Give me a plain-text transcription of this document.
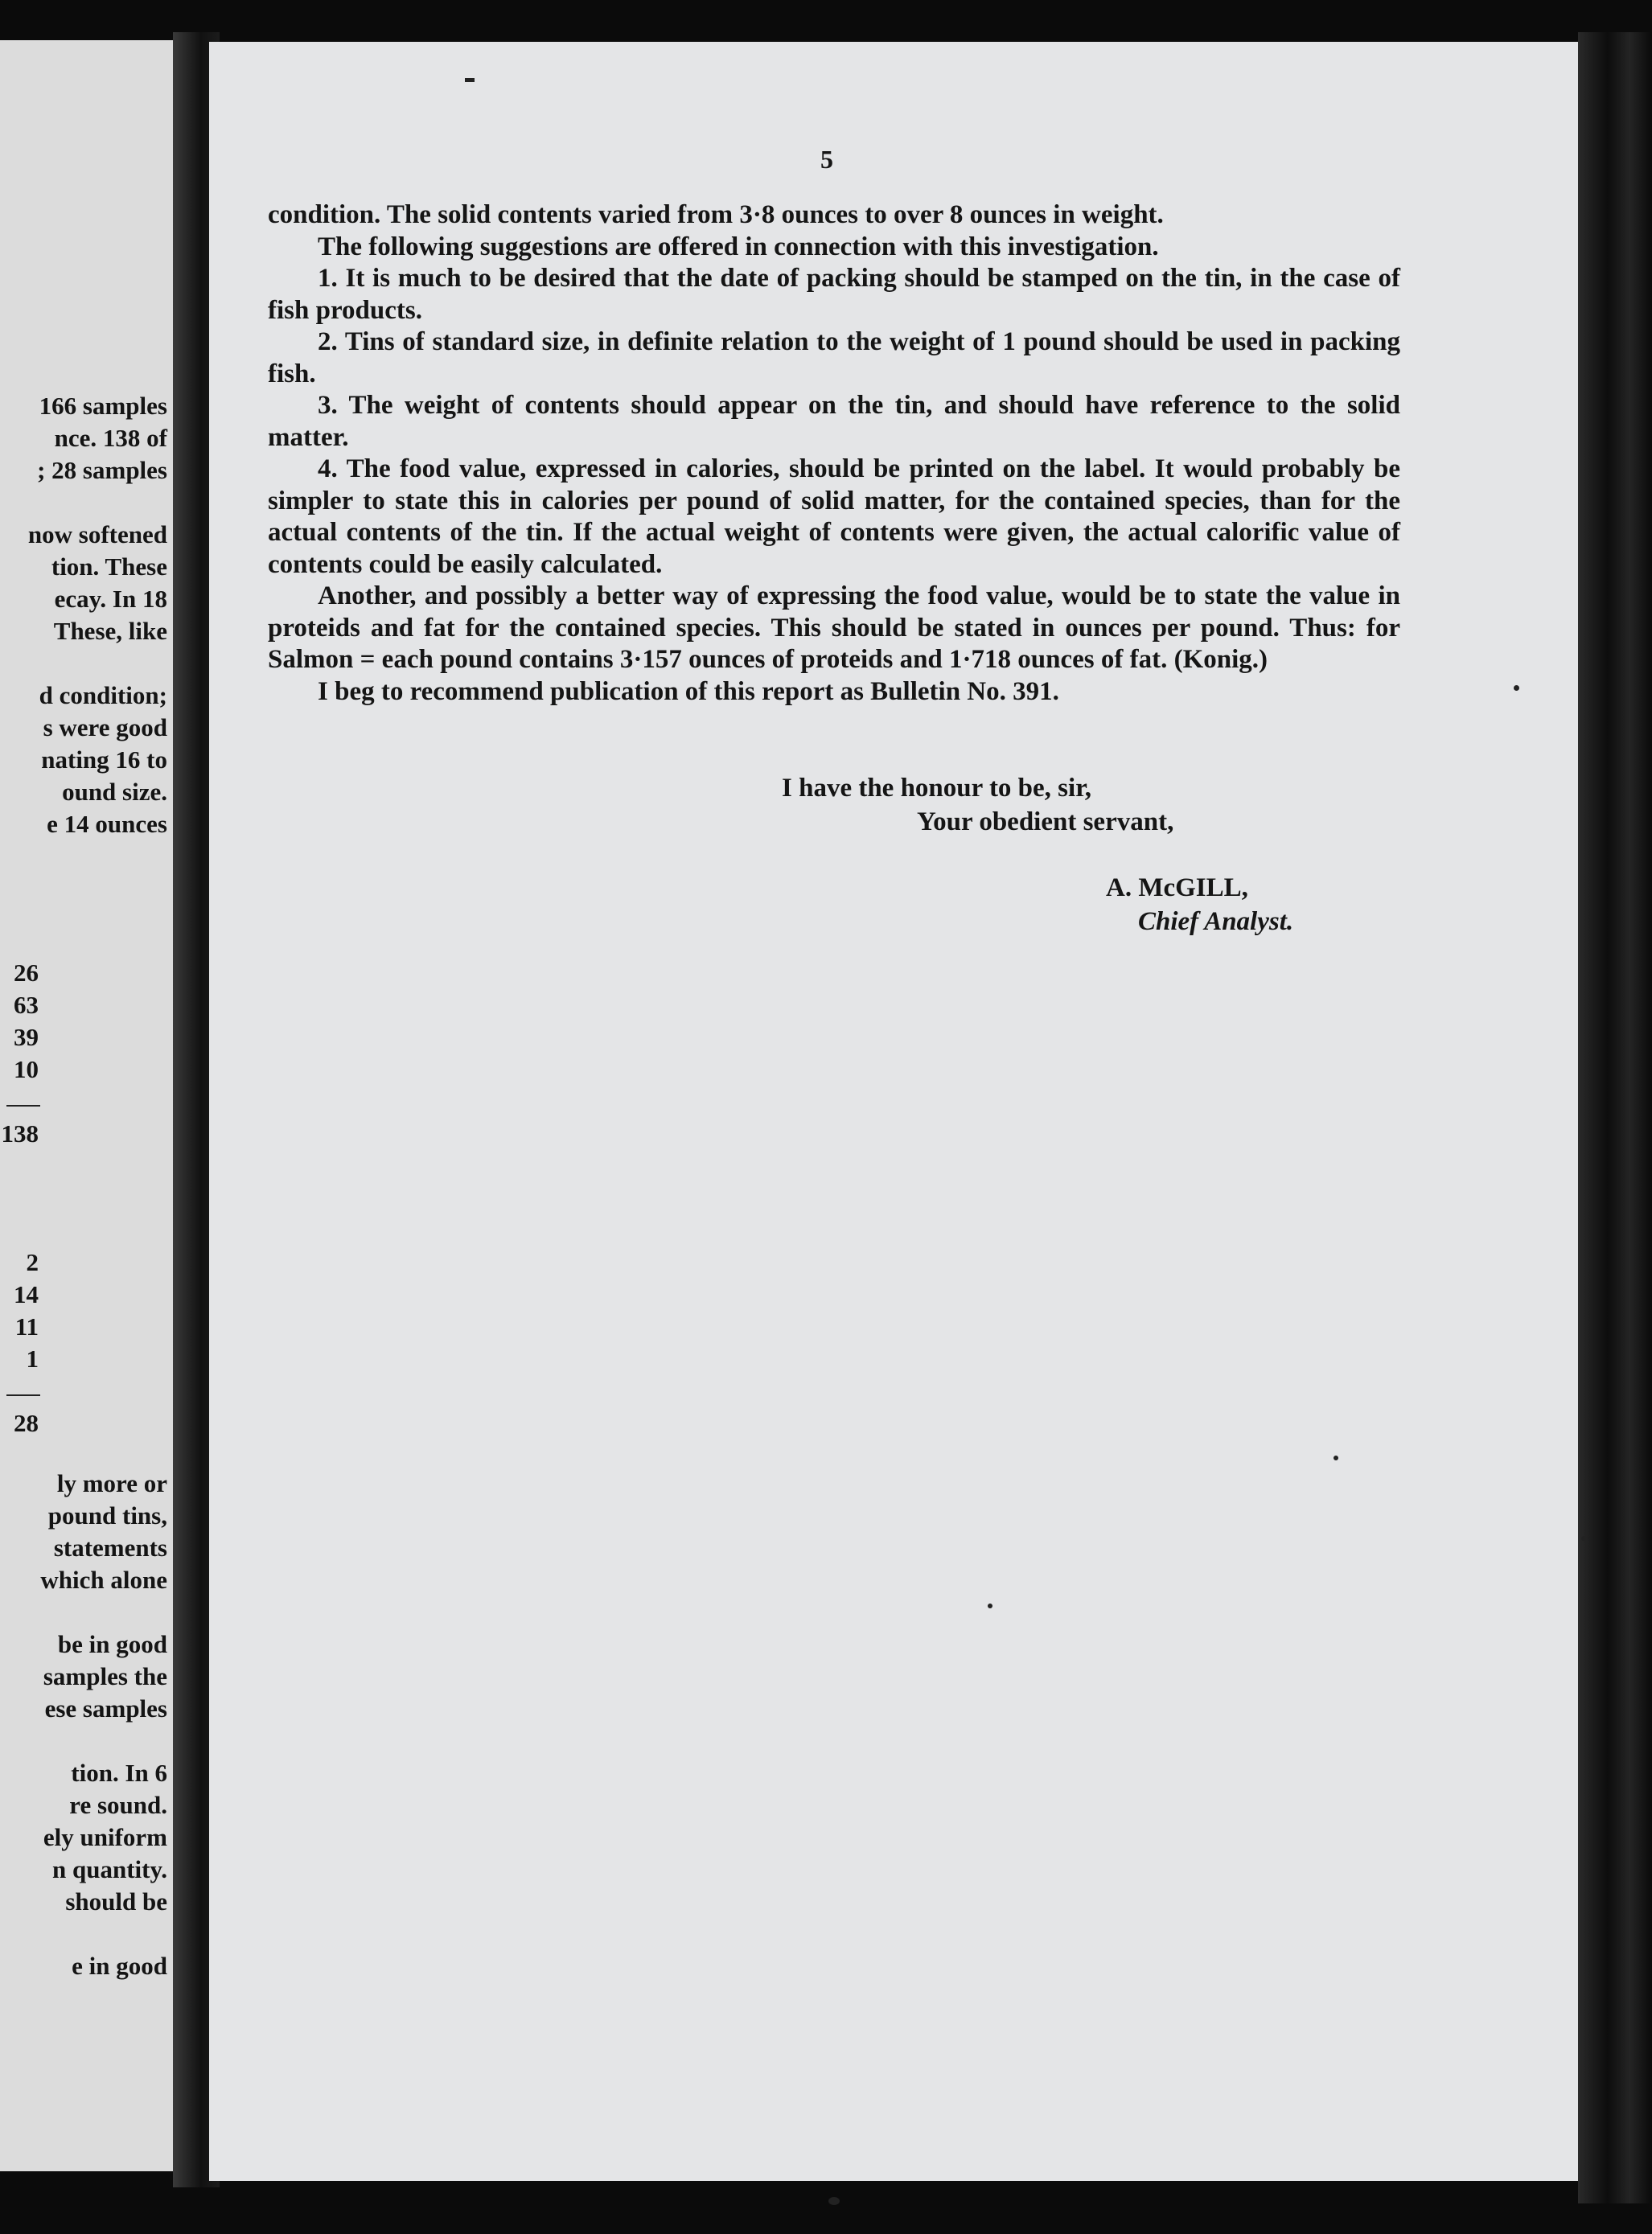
166 samples
nce. 138 of
; 28 samples
now softened
tion. These
ecay. In 18
These, like
d condition;
s were good
nating 16 to
ound size.
e 14 ounces
26
63
39
10
138
2
14
11
1
28
ly more or
pound tins,
statements
which alone
be in good
samples the
ese samples
tion. In 6
re sound.
ely uniform
n quantity.
should be
e in good
5

condition. The solid contents varied from 3·8 ounces to over 8 ounces in weight.

The following suggestions are offered in connection with this investigation.

1. It is much to be desired that the date of packing should be stamped on the tin, in the case of fish products.

2. Tins of standard size, in definite relation to the weight of 1 pound should be used in packing fish.

3. The weight of contents should appear on the tin, and should have reference to the solid matter.

4. The food value, expressed in calories, should be printed on the label. It would probably be simpler to state this in calories per pound of solid matter, for the contained species, than for the actual contents of the tin. If the actual weight of contents were given, the actual calorific value of contents could be easily calculated.

Another, and possibly a better way of expressing the food value, would be to state the value in proteids and fat for the contained species. This should be stated in ounces per pound. Thus: for Salmon = each pound contains 3·157 ounces of proteids and 1·718 ounces of fat. (Konig.)

I beg to recommend publication of this report as Bulletin No. 391.

I have the honour to be, sir,
Your obedient servant,
A. McGILL,
Chief Analyst.
